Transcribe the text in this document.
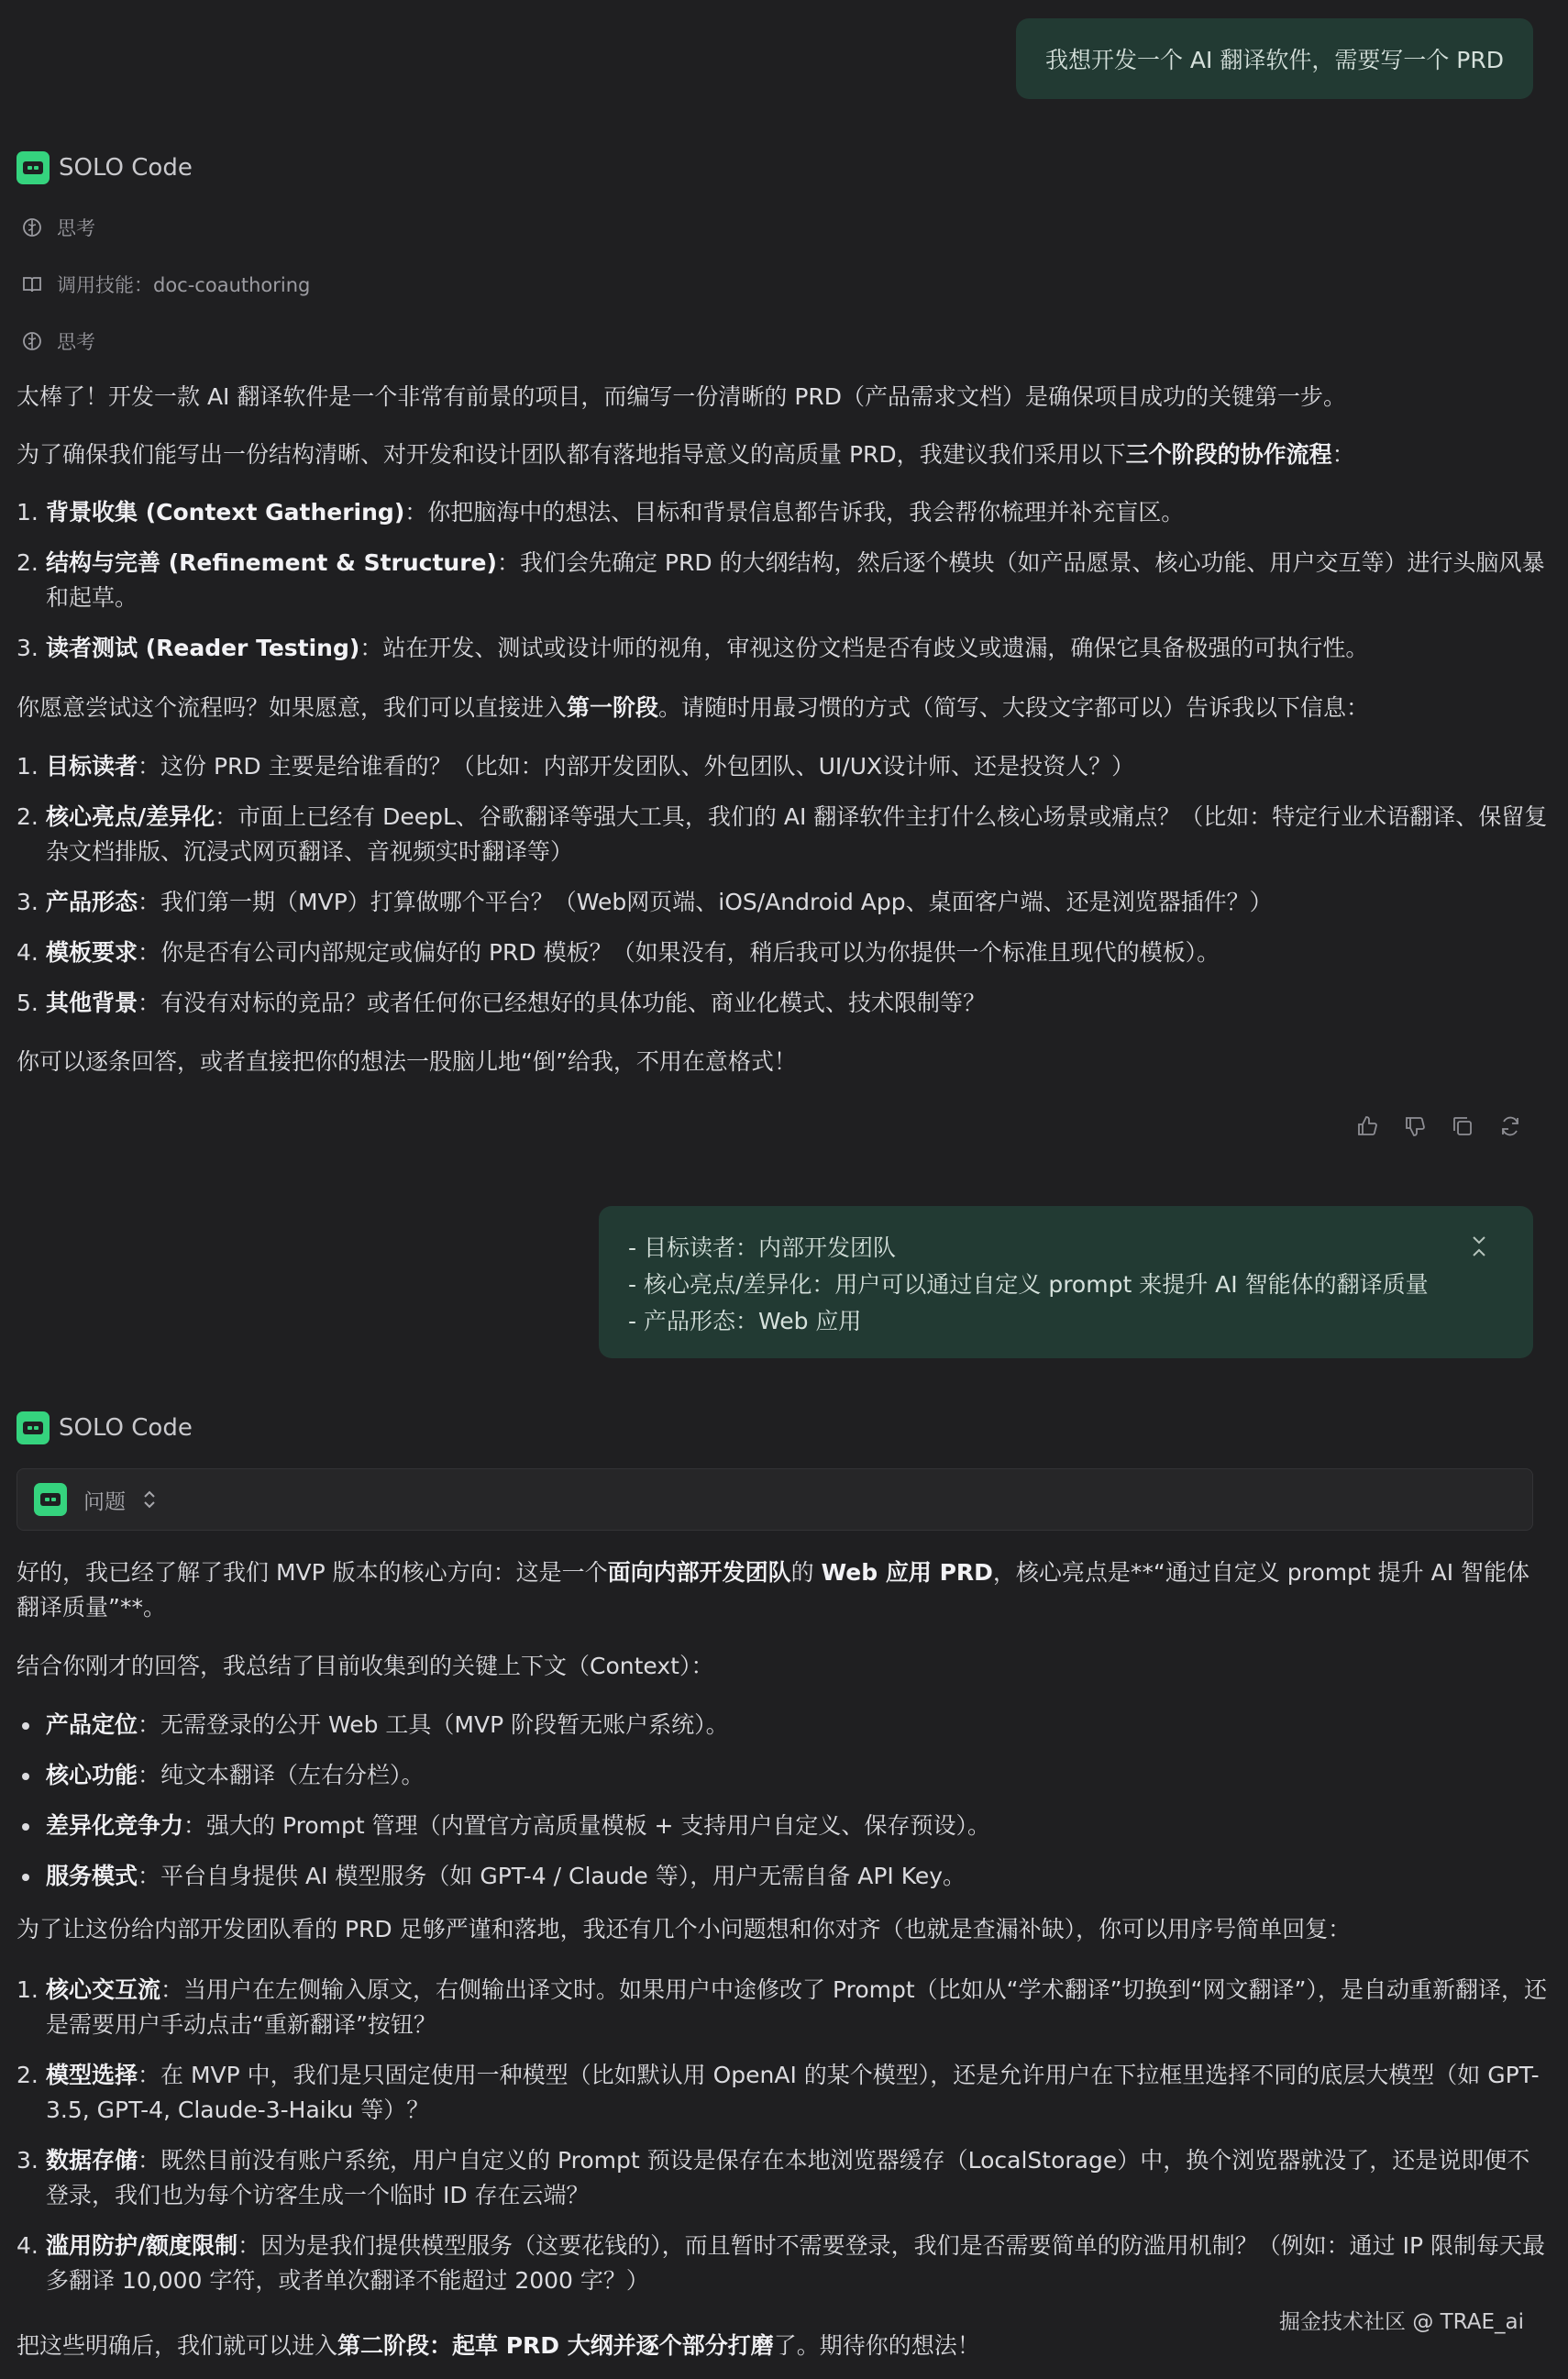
我想开发一个 AI 翻译软件，需要写一个 PRD
SOLO Code
思考
调用技能：doc-coauthoring
思考
太棒了！开发一款 AI 翻译软件是一个非常有前景的项目，而编写一份清晰的 PRD（产品需求文档）是确保项目成功的关键第一步。
为了确保我们能写出一份结构清晰、对开发和设计团队都有落地指导意义的高质量 PRD，我建议我们采用以下三个阶段的协作流程：
1. 背景收集 (Context Gathering)：你把脑海中的想法、目标和背景信息都告诉我，我会帮你梳理并补充盲区。
2. 结构与完善 (Refinement & Structure)：我们会先确定 PRD 的大纲结构，然后逐个模块（如产品愿景、核心功能、用户交互等）进行头脑风暴和起草。
3. 读者测试 (Reader Testing)：站在开发、测试或设计师的视角，审视这份文档是否有歧义或遗漏，确保它具备极强的可执行性。
你愿意尝试这个流程吗？如果愿意，我们可以直接进入第一阶段。请随时用最习惯的方式（简写、大段文字都可以）告诉我以下信息：
1. 目标读者：这份 PRD 主要是给谁看的？（比如：内部开发团队、外包团队、UI/UX设计师、还是投资人？）
2. 核心亮点/差异化：市面上已经有 DeepL、谷歌翻译等强大工具，我们的 AI 翻译软件主打什么核心场景或痛点？（比如：特定行业术语翻译、保留复杂文档排版、沉浸式网页翻译、音视频实时翻译等）
3. 产品形态：我们第一期（MVP）打算做哪个平台？（Web网页端、iOS/Android App、桌面客户端、还是浏览器插件？）
4. 模板要求：你是否有公司内部规定或偏好的 PRD 模板？（如果没有，稍后我可以为你提供一个标准且现代的模板）。
5. 其他背景：有没有对标的竞品？或者任何你已经想好的具体功能、商业化模式、技术限制等？
你可以逐条回答，或者直接把你的想法一股脑儿地“倒”给我，不用在意格式！
- 目标读者：内部开发团队
- 核心亮点/差异化：用户可以通过自定义 prompt 来提升 AI 智能体的翻译质量
- 产品形态：Web 应用
SOLO Code
问题
好的，我已经了解了我们 MVP 版本的核心方向：这是一个面向内部开发团队的 Web 应用 PRD，核心亮点是**“通过自定义 prompt 提升 AI 智能体翻译质量”**。
结合你刚才的回答，我总结了目前收集到的关键上下文（Context）：
产品定位：无需登录的公开 Web 工具（MVP 阶段暂无账户系统）。
核心功能：纯文本翻译（左右分栏）。
差异化竞争力：强大的 Prompt 管理（内置官方高质量模板 + 支持用户自定义、保存预设）。
服务模式：平台自身提供 AI 模型服务（如 GPT-4 / Claude 等），用户无需自备 API Key。
为了让这份给内部开发团队看的 PRD 足够严谨和落地，我还有几个小问题想和你对齐（也就是查漏补缺），你可以用序号简单回复：
1. 核心交互流：当用户在左侧输入原文，右侧输出译文时。如果用户中途修改了 Prompt（比如从“学术翻译”切换到“网文翻译”），是自动重新翻译，还是需要用户手动点击“重新翻译”按钮？
2. 模型选择：在 MVP 中，我们是只固定使用一种模型（比如默认用 OpenAI 的某个模型），还是允许用户在下拉框里选择不同的底层大模型（如 GPT-3.5, GPT-4, Claude-3-Haiku 等）？
3. 数据存储：既然目前没有账户系统，用户自定义的 Prompt 预设是保存在本地浏览器缓存（LocalStorage）中，换个浏览器就没了，还是说即便不登录，我们也为每个访客生成一个临时 ID 存在云端？
4. 滥用防护/额度限制：因为是我们提供模型服务（这要花钱的），而且暂时不需要登录，我们是否需要简单的防滥用机制？（例如：通过 IP 限制每天最多翻译 10,000 字符，或者单次翻译不能超过 2000 字？）
把这些明确后，我们就可以进入第二阶段：起草 PRD 大纲并逐个部分打磨了。期待你的想法！
掘金技术社区 @ TRAE_ai
